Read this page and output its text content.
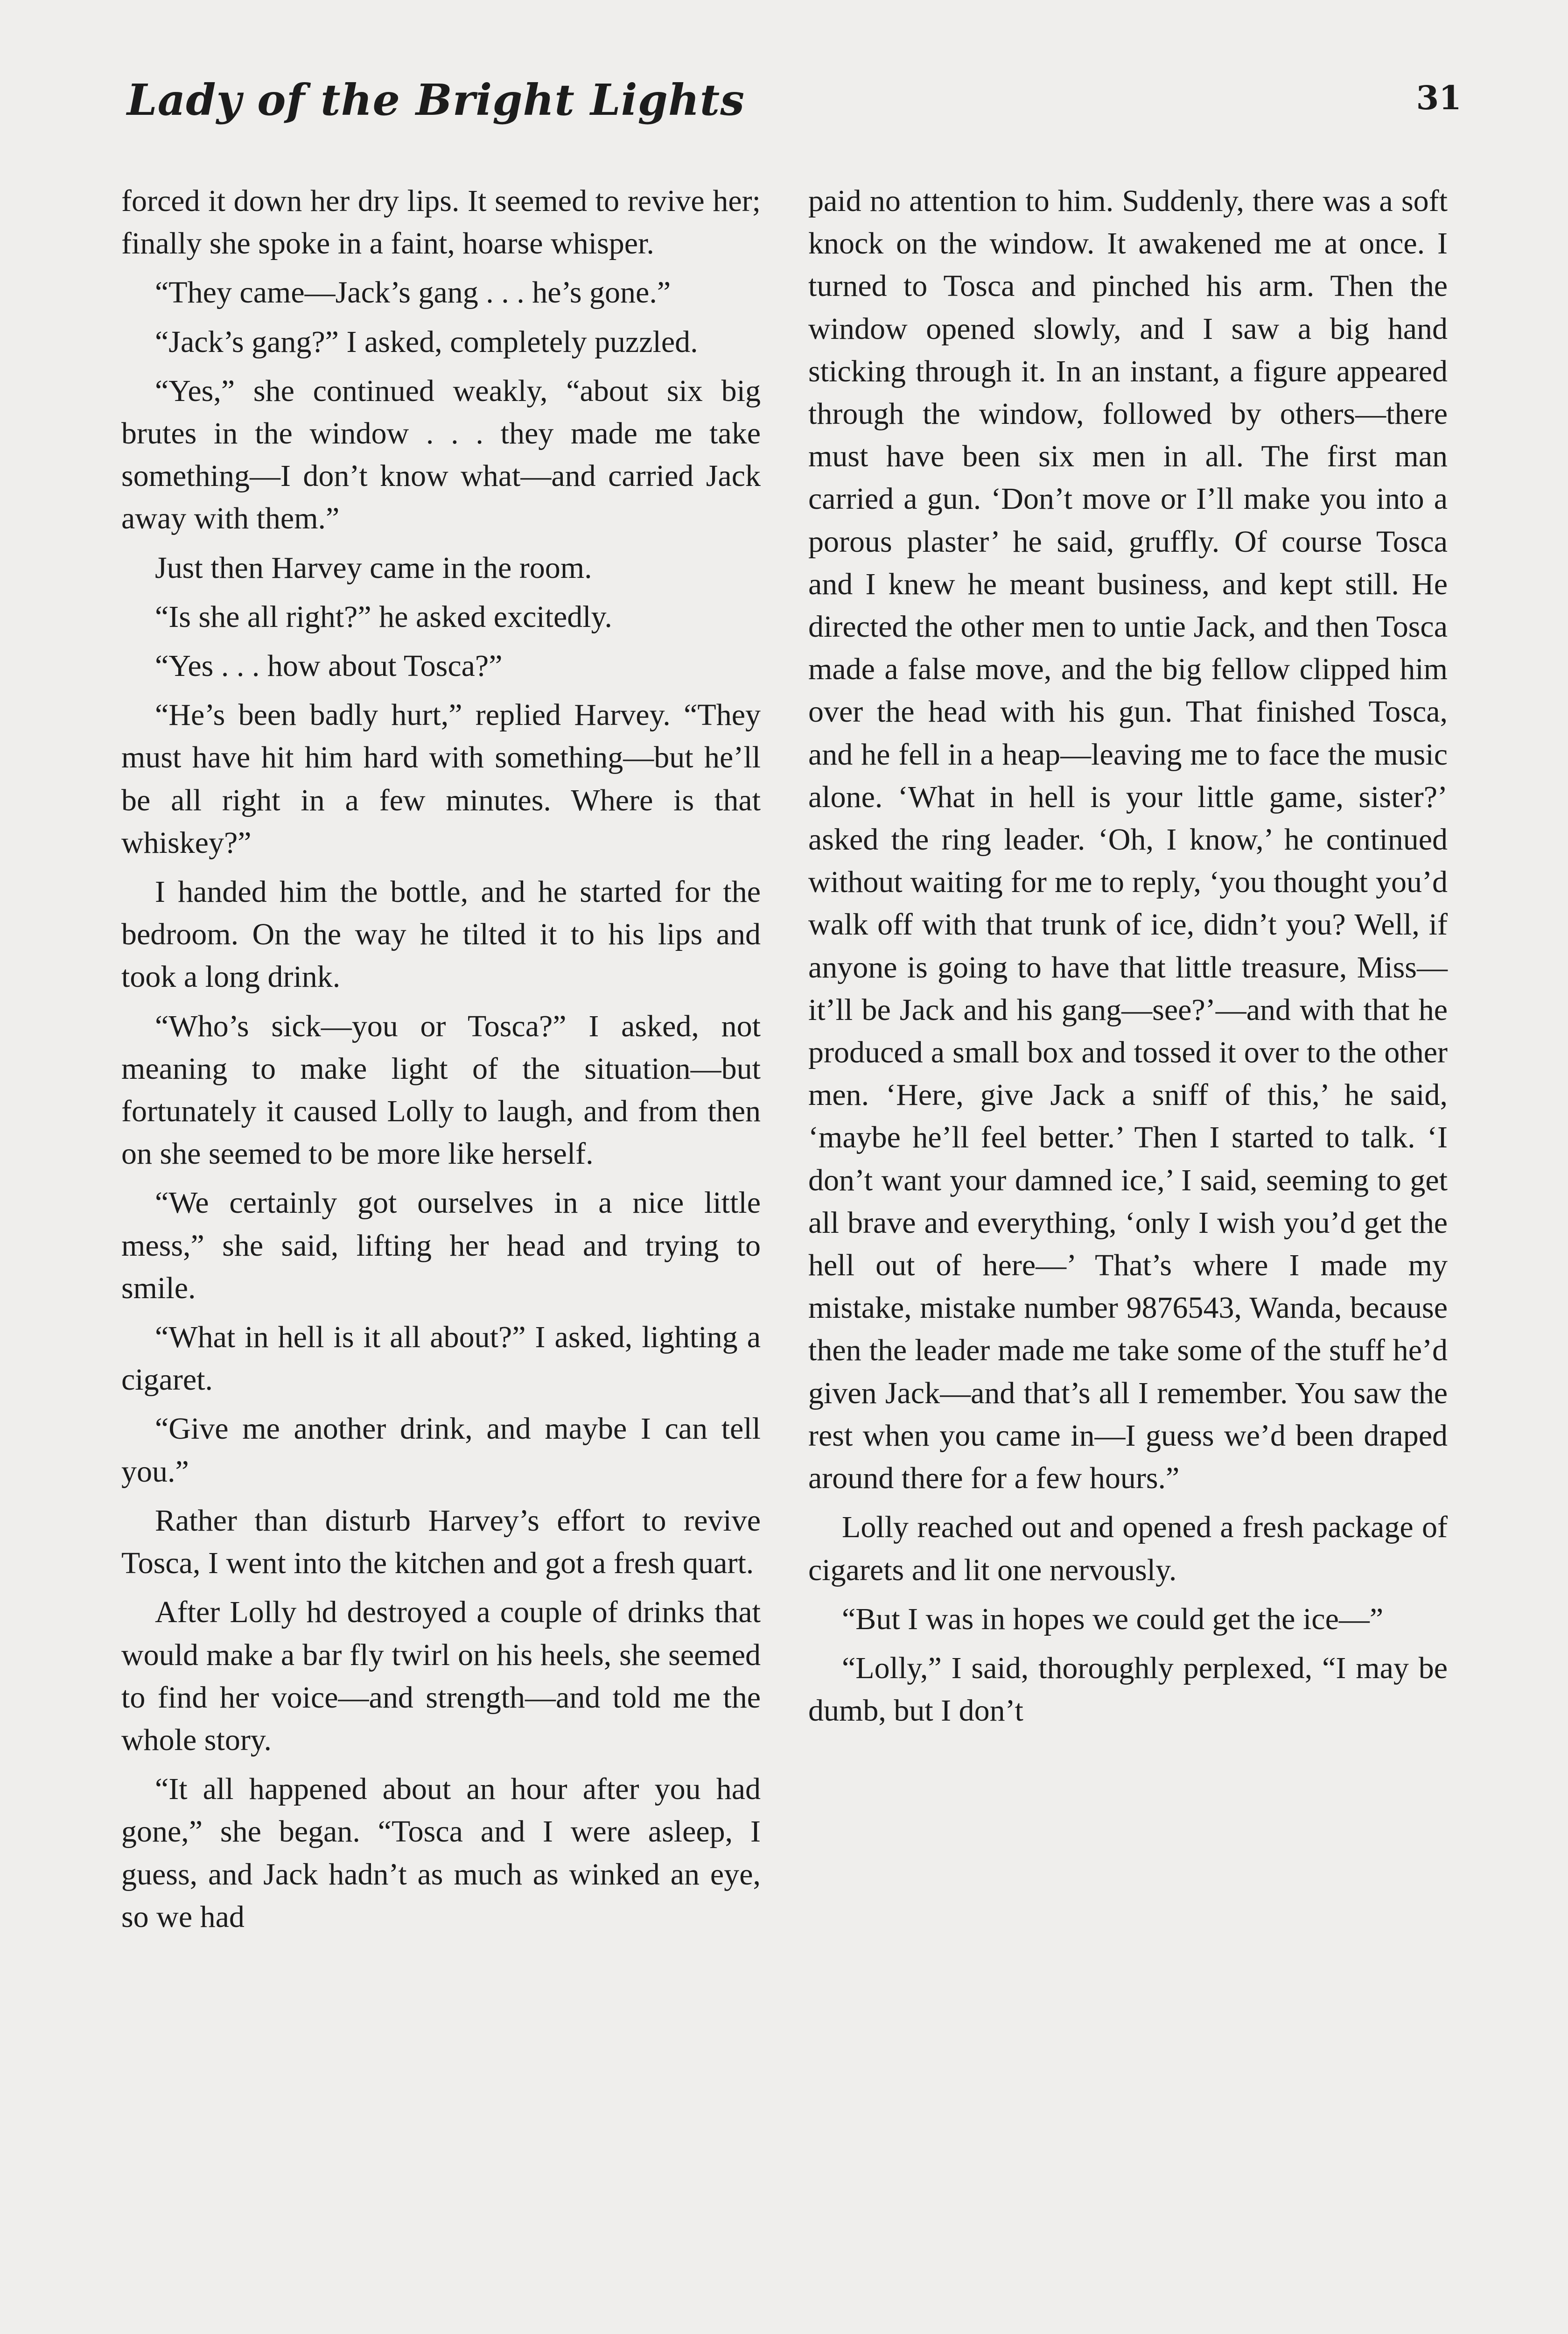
Lady of the Bright Lights	31

forced it down her dry lips. It seemed to revive her; finally she spoke in a faint, hoarse whisper.

“They came—Jack’s gang . . . he’s gone.”

“Jack’s gang?” I asked, completely puzzled.

“Yes,” she continued weakly, “about six big brutes in the window . . . they made me take something—I don’t know what—and carried Jack away with them.”

Just then Harvey came in the room.

“Is she all right?” he asked excitedly.

“Yes . . . how about Tosca?”

“He’s been badly hurt,” replied Harvey. “They must have hit him hard with something—but he’ll be all right in a few minutes. Where is that whiskey?”

I handed him the bottle, and he started for the bedroom. On the way he tilted it to his lips and took a long drink.

“Who’s sick—you or Tosca?” I asked, not meaning to make light of the situation—but fortunately it caused Lolly to laugh, and from then on she seemed to be more like herself.

“We certainly got ourselves in a nice little mess,” she said, lifting her head and trying to smile.

“What in hell is it all about?” I asked, lighting a cigaret.

“Give me another drink, and maybe I can tell you.”

Rather than disturb Harvey’s effort to revive Tosca, I went into the kitchen and got a fresh quart.

After Lolly hd destroyed a couple of drinks that would make a bar fly twirl on his heels, she seemed to find her voice—and strength—and told me the whole story.

“It all happened about an hour after you had gone,” she began. “Tosca and I were asleep, I guess, and Jack hadn’t as much as winked an eye, so we had

paid no attention to him. Suddenly, there was a soft knock on the window. It awakened me at once. I turned to Tosca and pinched his arm. Then the window opened slowly, and I saw a big hand sticking through it. In an instant, a figure appeared through the window, followed by others—there must have been six men in all. The first man carried a gun. ‘Don’t move or I’ll make you into a porous plaster’ he said, gruffly. Of course Tosca and I knew he meant business, and kept still. He directed the other men to untie Jack, and then Tosca made a false move, and the big fellow clipped him over the head with his gun. That finished Tosca, and he fell in a heap—leaving me to face the music alone. ‘What in hell is your little game, sister?’ asked the ring leader. ‘Oh, I know,’ he continued without waiting for me to reply, ‘you thought you’d walk off with that trunk of ice, didn’t you? Well, if anyone is going to have that little treasure, Miss—it’ll be Jack and his gang—see?’—and with that he produced a small box and tossed it over to the other men. ‘Here, give Jack a sniff of this,’ he said, ‘maybe he’ll feel better.’ Then I started to talk. ‘I don’t want your damned ice,’ I said, seeming to get all brave and everything, ‘only I wish you’d get the hell out of here—’ That’s where I made my mistake, mistake number 9876543, Wanda, because then the leader made me take some of the stuff he’d given Jack—and that’s all I remember. You saw the rest when you came in—I guess we’d been draped around there for a few hours.”

Lolly reached out and opened a fresh package of cigarets and lit one nervously.

“But I was in hopes we could get the ice—”

“Lolly,” I said, thoroughly perplexed, “I may be dumb, but I don’t
